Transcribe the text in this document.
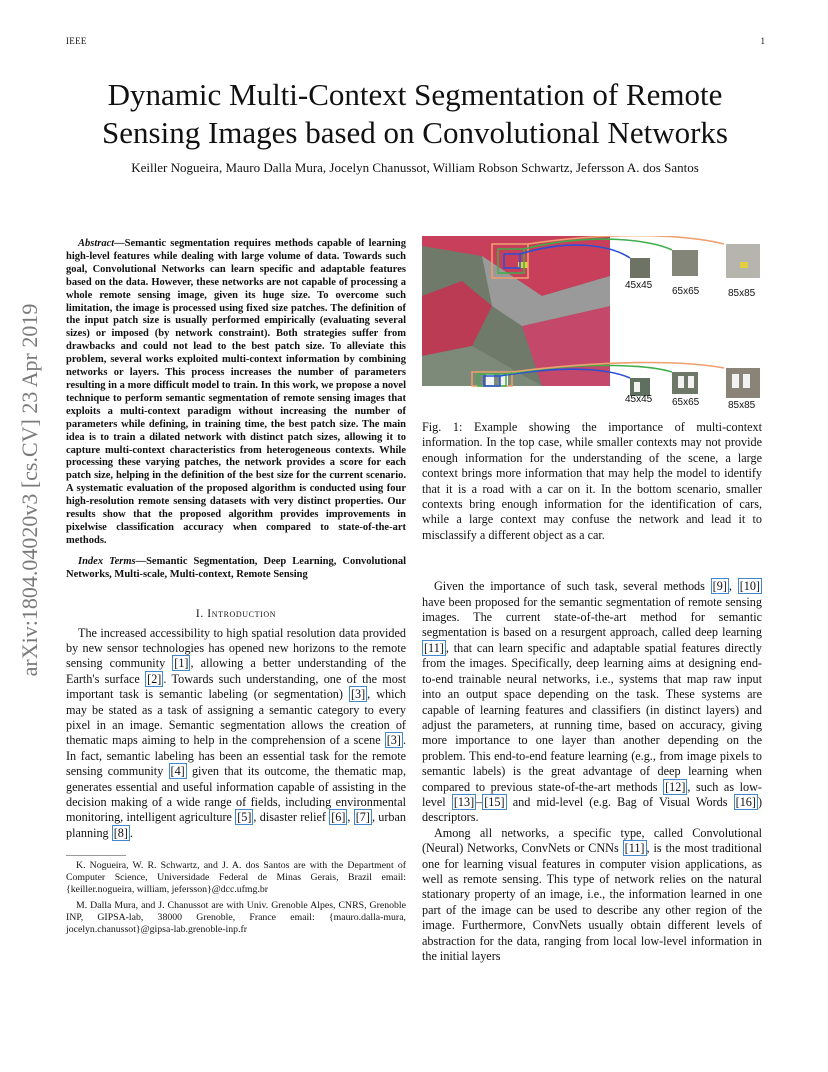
IEEE	1
arXiv:1804.04020v3 [cs.CV] 23 Apr 2019
Dynamic Multi-Context Segmentation of Remote Sensing Images based on Convolutional Networks
Keiller Nogueira, Mauro Dalla Mura, Jocelyn Chanussot, William Robson Schwartz, Jefersson A. dos Santos

Abstract—Semantic segmentation requires methods capable of learning high-level features while dealing with large volume of data. Towards such goal, Convolutional Networks can learn specific and adaptable features based on the data. However, these networks are not capable of processing a whole remote sensing image, given its huge size. To overcome such limitation, the image is processed using fixed size patches. The definition of the input patch size is usually performed empirically (evaluating several sizes) or imposed (by network constraint). Both strategies suffer from drawbacks and could not lead to the best patch size. To alleviate this problem, several works exploited multi-context information by combining networks or layers. This process increases the number of parameters resulting in a more difficult model to train. In this work, we propose a novel technique to perform semantic segmentation of remote sensing images that exploits a multi-context paradigm without increasing the number of parameters while defining, in training time, the best patch size. The main idea is to train a dilated network with distinct patch sizes, allowing it to capture multi-context characteristics from heterogeneous contexts. While processing these varying patches, the network provides a score for each patch size, helping in the definition of the best size for the current scenario. A systematic evaluation of the proposed algorithm is conducted using four high-resolution remote sensing datasets with very distinct properties. Our results show that the proposed algorithm provides improvements in pixelwise classification accuracy when compared to state-of-the-art methods.

Index Terms—Semantic Segmentation, Deep Learning, Convolutional Networks, Multi-scale, Multi-context, Remote Sensing

I. Introduction

The increased accessibility to high spatial resolution data provided by new sensor technologies has opened new horizons to the remote sensing community [1] , allowing a better understanding of the Earth's surface [2] . Towards such understanding, one of the most important task is semantic labeling (or segmentation) [3] , which may be stated as a task of assigning a semantic category to every pixel in an image. Semantic segmentation allows the creation of thematic maps aiming to help in the comprehension of a scene [3] . In fact, semantic labeling has been an essential task for the remote sensing community [4] given that its outcome, the thematic map, generates essential and useful information capable of assisting in the decision making of a wide range of fields, including environmental monitoring, intelligent agriculture [5] , disaster relief [6] , [7] , urban planning [8] .

K. Nogueira, W. R. Schwartz, and J. A. dos Santos are with the Department of Computer Science, Universidade Federal de Minas Gerais, Brazil email: {keiller.nogueira, william, jefersson}@dcc.ufmg.br

M. Dalla Mura, and J. Chanussot are with Univ. Grenoble Alpes, CNRS, Grenoble INP, GIPSA-lab, 38000 Grenoble, France email: {mauro.dalla-mura, jocelyn.chanussot}@gipsa-lab.grenoble-inp.fr

45x45
65x65	85x85
45x45 65x65	85x85

Fig. 1: Example showing the importance of multi-context information. In the top case, while smaller contexts may not provide enough information for the understanding of the scene, a large context brings more information that may help the model to identify that it is a road with a car on it. In the bottom scenario, smaller contexts bring enough information for the identification of cars, while a large context may confuse the network and lead it to misclassify a different object as a car.

Given the importance of such task, several methods [9] , [10] have been proposed for the semantic segmentation of remote sensing images. The current state-of-the-art method for semantic segmentation is based on a resurgent approach, called deep learning [11] , that can learn specific and adaptable spatial features directly from the images. Specifically, deep learning aims at designing end-to-end trainable neural networks, i.e., systems that map raw input into an output space depending on the task. These systems are capable of learning features and classifiers (in distinct layers) and adjust the parameters, at running time, based on accuracy, giving more importance to one layer than another depending on the problem. This end-to-end feature learning (e.g., from image pixels to semantic labels) is the great advantage of deep learning when compared to previous state-of-the-art methods [12] , such as low-level [13] – [15] and mid-level (e.g. Bag of Visual Words [16] ) descriptors.

Among all networks, a specific type, called Convolutional (Neural) Networks, ConvNets or CNNs [11] , is the most traditional one for learning visual features in computer vision applications, as well as remote sensing. This type of network relies on the natural stationary property of an image, i.e., the information learned in one part of the image can be used to describe any other region of the image. Furthermore, ConvNets usually obtain different levels of abstraction for the data, ranging from local low-level information in the initial layers
